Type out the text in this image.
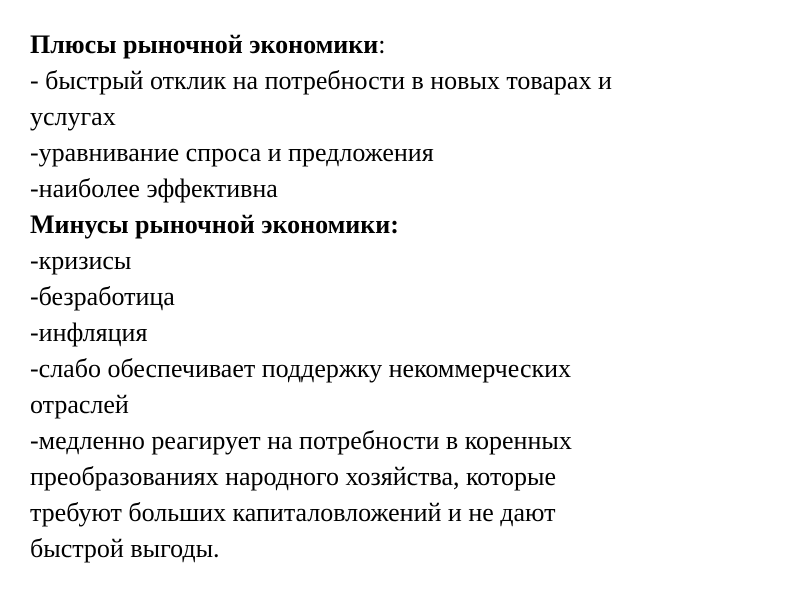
Плюсы рыночной экономики:
- быстрый отклик на потребности в новых товарах и
услугах
-уравнивание спроса и предложения
-наиболее эффективна
Минусы рыночной экономики:
-кризисы
-безработица
-инфляция
-слабо обеспечивает поддержку некоммерческих
отраслей
-медленно реагирует на потребности в коренных
преобразованиях народного хозяйства, которые
требуют больших капиталовложений и не дают
быстрой выгоды.
